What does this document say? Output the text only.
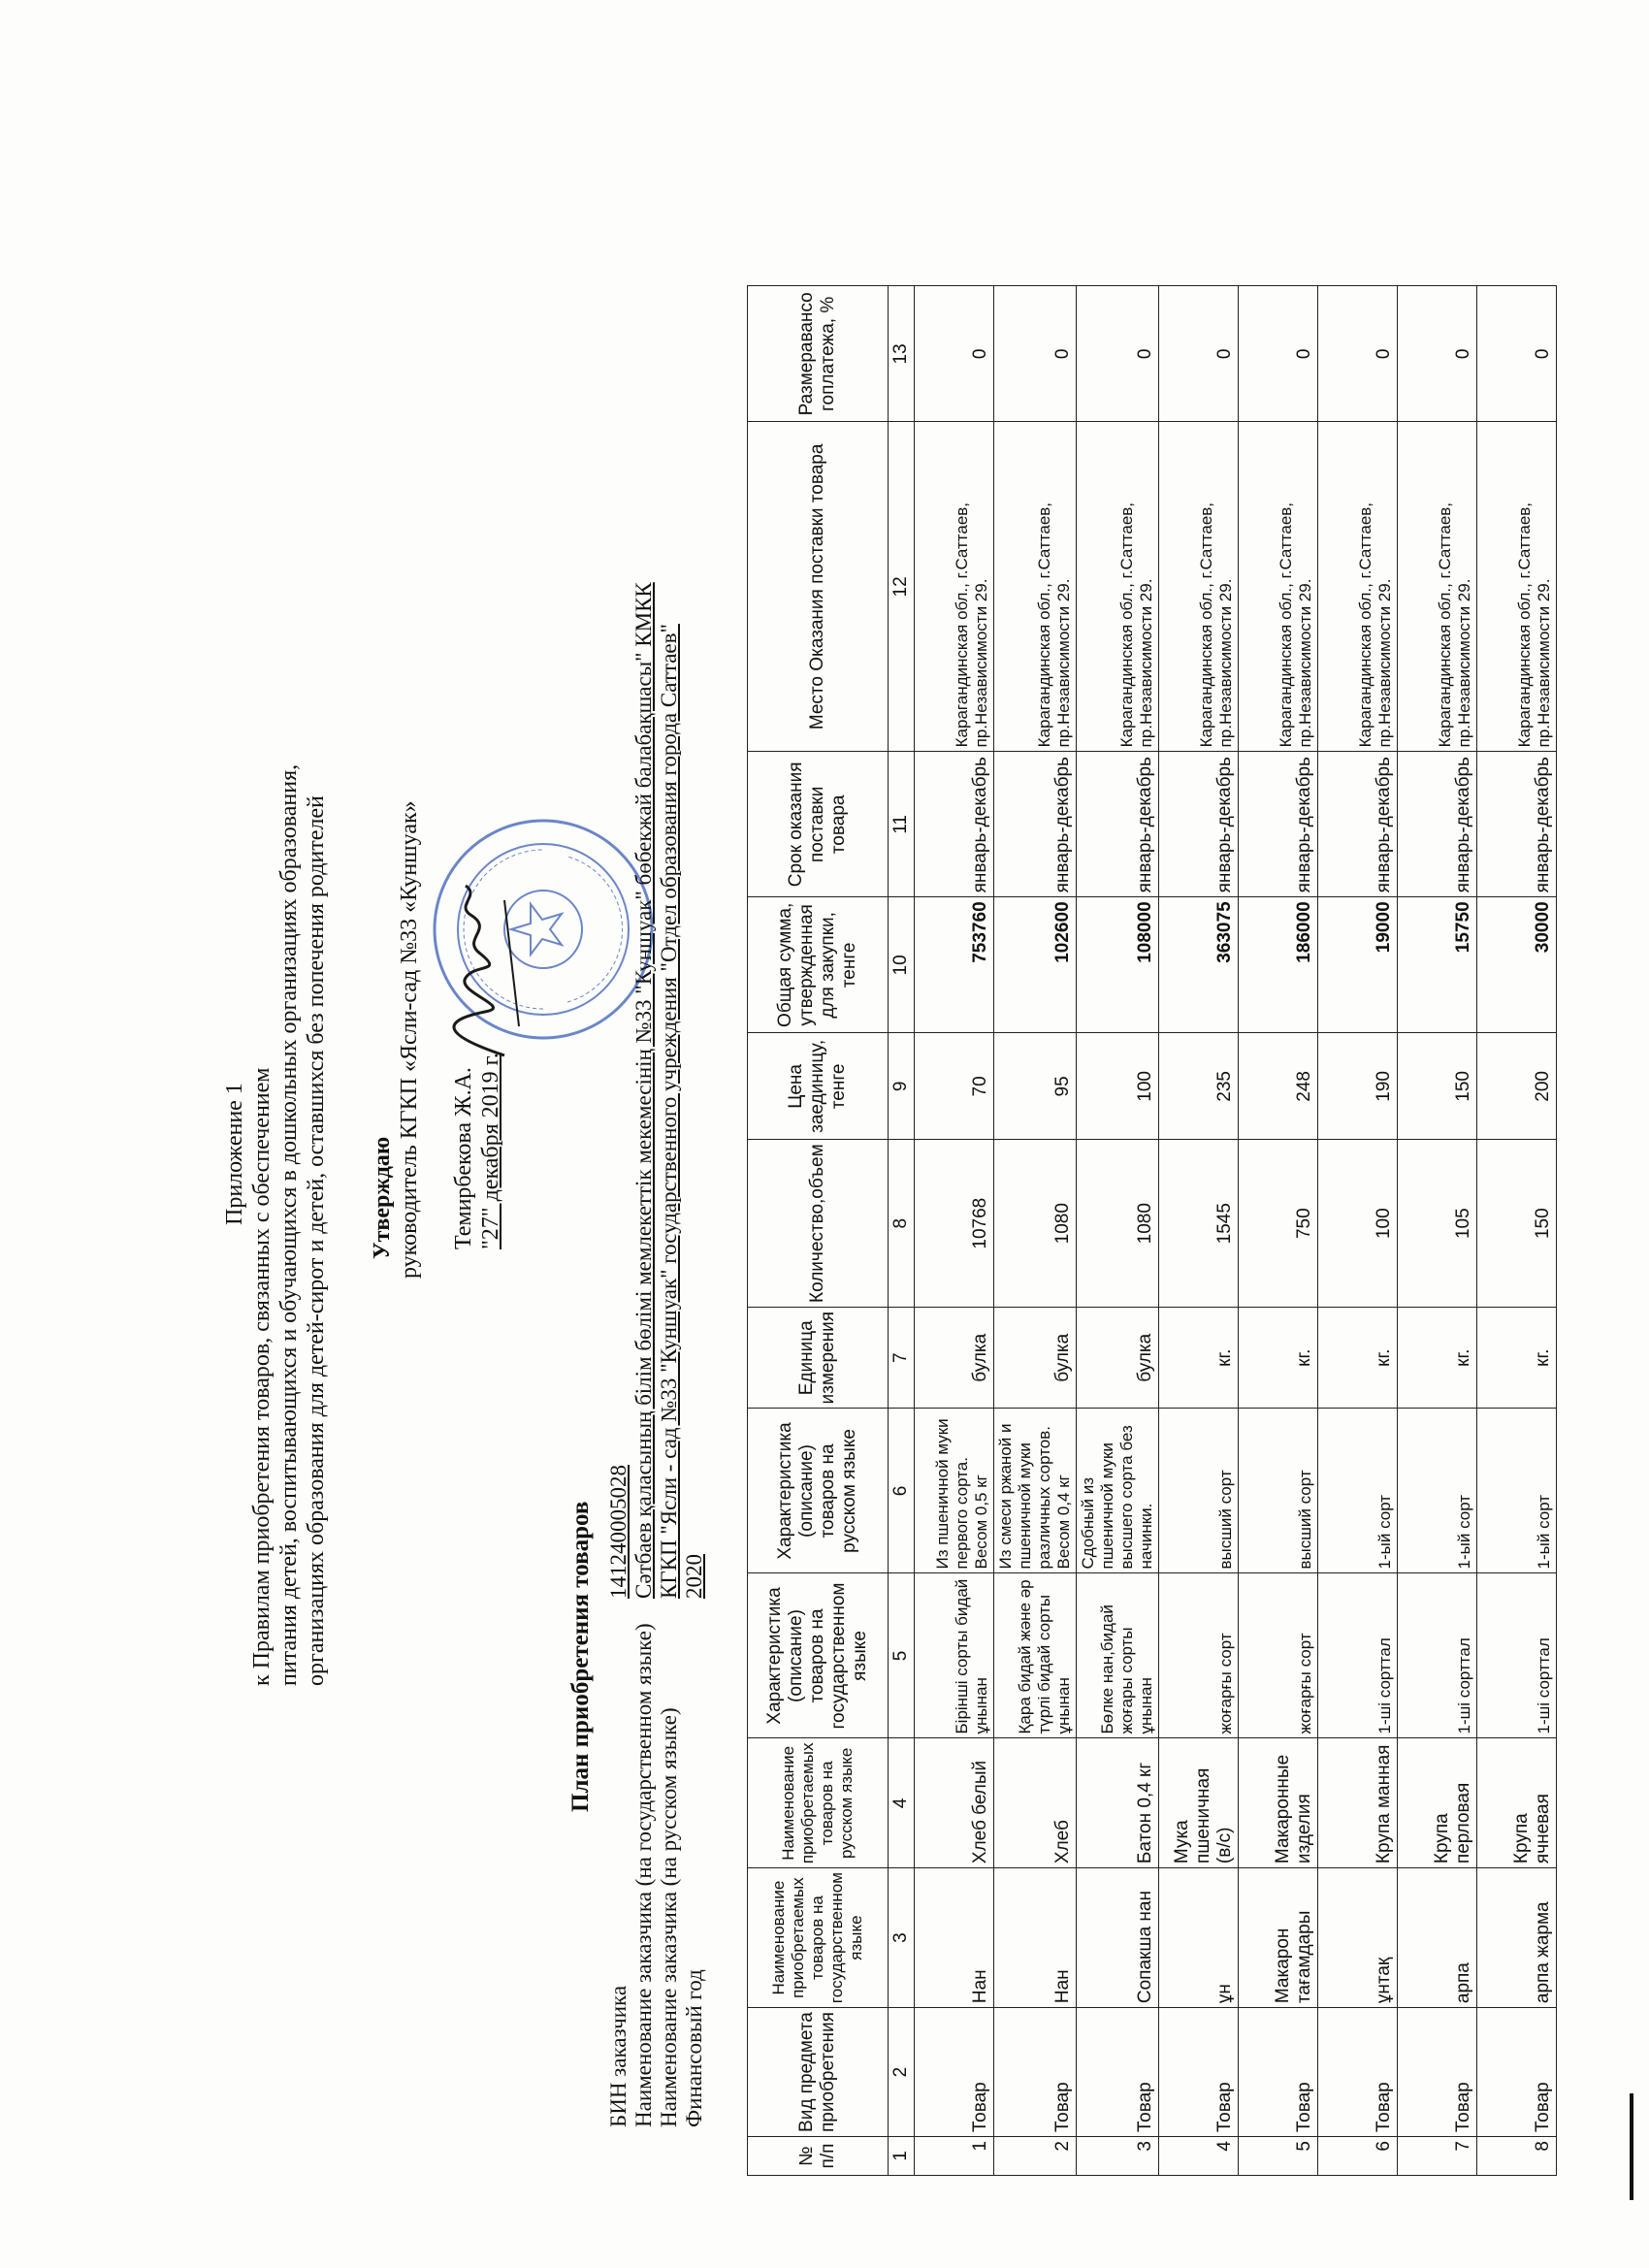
Приложение 1 к Правилам приобретения товаров, связанных с обеспечением питания детей, воспитывающихся и обучающихся в дошкольных организациях образования, организациях образования для детей-сирот и детей, оставшихся без попечения родителей Утверждаю руководитель КГКП «Ясли-сад №33 «Куншуак» Темирбекова Ж.А. "27" декабря 2019 г.
План приобретения товаров
БИН заказчика
141240005028
Наименование заказчика (на государственном языке)
Сәтбаев қаласының білім бөлімі мемлекеттік мекемесінің №33 "Куншуак" бөбекжай балабақшасы" КМКК
Наименование заказчика (на русском языке)
КГКП "Ясли - сад №33 "Куншуак" государственного учреждения "Отдел образования города Саттаев"
Финансовый год
2020
№ п/п	Вид предмета приобретения	Наименование приобретаемых товаров на государственном языке	Наименование приобретаемых товаров на русском языке	Характеристика (описание) товаров на государственном языке	Характеристика (описание) товаров на русском языке	Единица измерения	Количество,объем	Цена заединицу, тенге	Общая сумма, утвержденная для закупки, тенге	Срок оказания поставки товара	Место Оказания поставки товара	Размеравансо гоплатежа, %
1	2	3	4	5	6	7	8	9	10	11	12	13
1	Товар	Нан	Хлеб белый	Бірінші сорты бидай ұнынан	Из пшеничной муки первого сорта. Весом 0,5 кг	булка	10768	70	753760	январь-декабрь	Карагандинская обл., г.Саттаев, пр.Независимости 29.	0
2	Товар	Нан	Хлеб	Қара бидай және әр түрлі бидай сорты ұнынан	Из смеси ржаной и пшеничной муки различных сортов. Весом 0,4 кг	булка	1080	95	102600	январь-декабрь	Карагандинская обл., г.Саттаев, пр.Независимости 29.	0
3	Товар	Сопакша нан	Батон 0,4 кг	Бөлке нан,бидай жоғары сорты ұнынан	Сдобный из пшеничной муки высшего сорта без начинки.	булка	1080	100	108000	январь-декабрь	Карагандинская обл., г.Саттаев, пр.Независимости 29.	0
4	Товар	ұн	Мука пшеничная (в/с)	жоғарғы сорт	высший сорт	кг.	1545	235	363075	январь-декабрь	Карагандинская обл., г.Саттаев, пр.Независимости 29.	0
5	Товар	Макарон тағамдары	Макаронные изделия	жоғарғы сорт	высший сорт	кг.	750	248	186000	январь-декабрь	Карагандинская обл., г.Саттаев, пр.Независимости 29.	0
6	Товар	ұнтақ	Крупа манная	1-ші сорттал	1-ый сорт	кг.	100	190	19000	январь-декабрь	Карагандинская обл., г.Саттаев, пр.Независимости 29.	0
7	Товар	арпа	Крупа перловая	1-ші сорттал	1-ый сорт	кг.	105	150	15750	январь-декабрь	Карагандинская обл., г.Саттаев, пр.Независимости 29.	0
8	Товар	арпа жарма	Крупа ячневая	1-ші сорттал	1-ый сорт	кг.	150	200	30000	январь-декабрь	Карагандинская обл., г.Саттаев, пр.Независимости 29.	0
